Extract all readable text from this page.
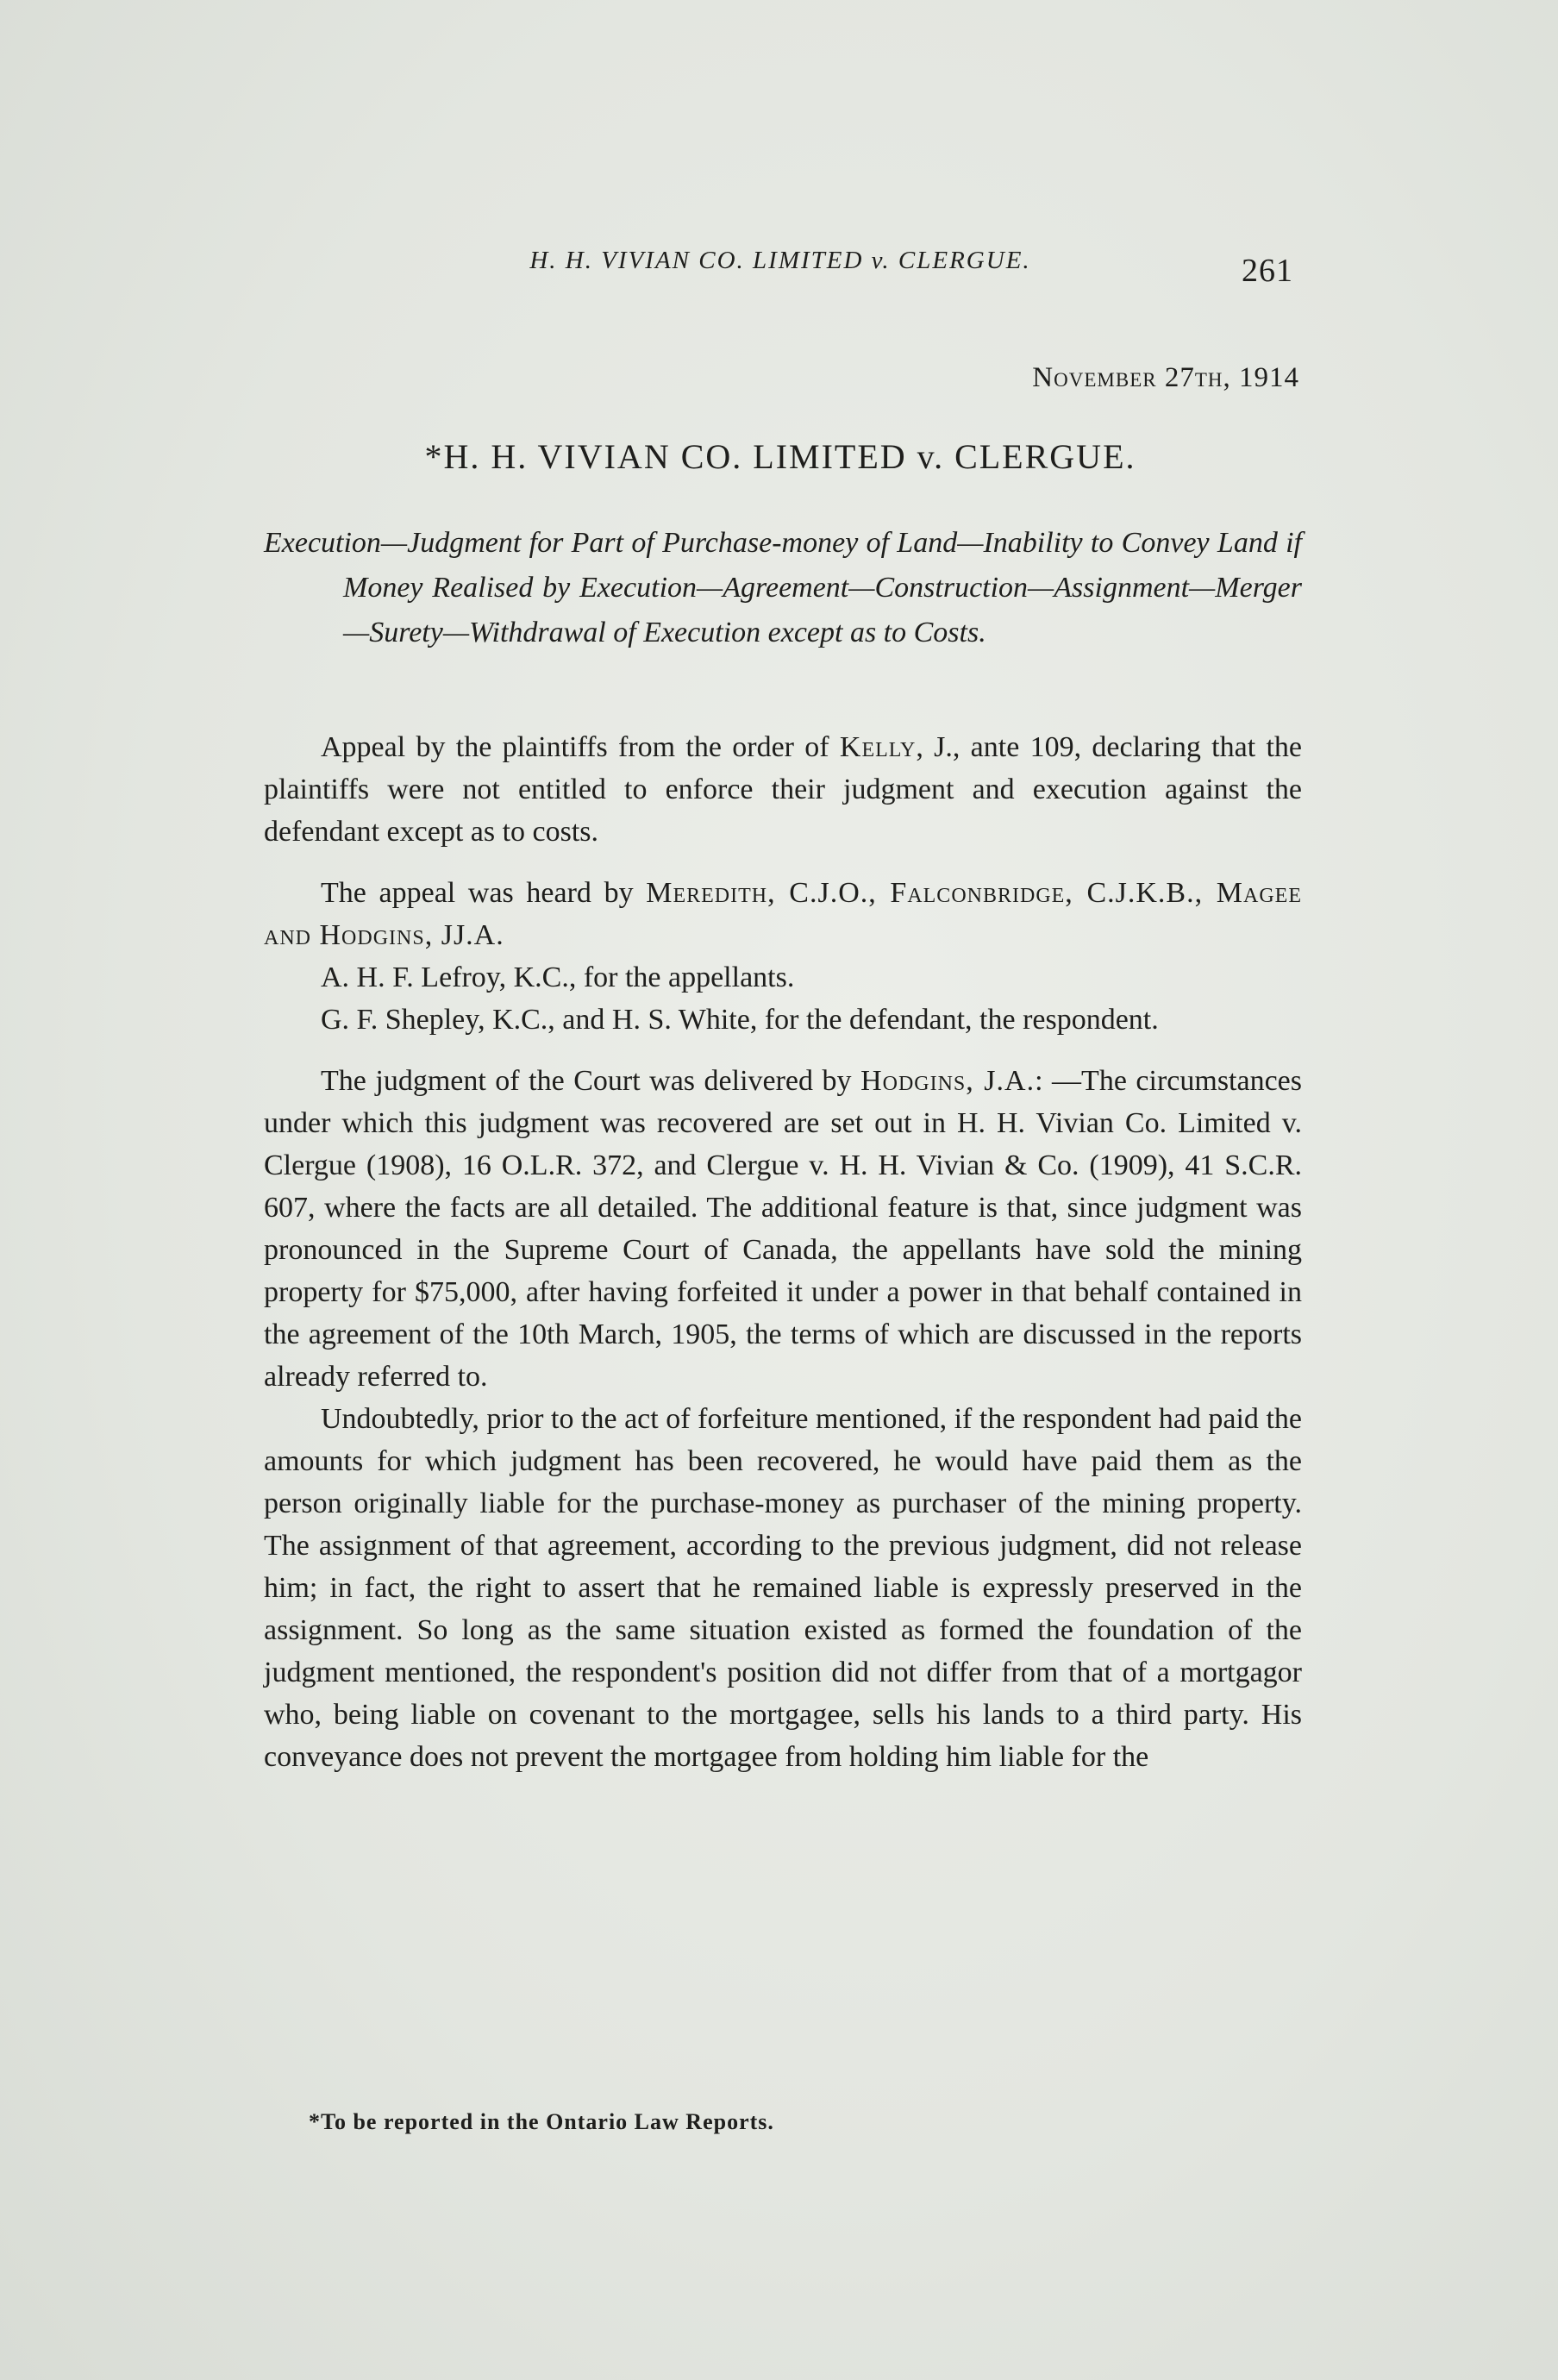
H. H. VIVIAN CO. LIMITED v. CLERGUE.	261
November 27th, 1914
*H. H. VIVIAN CO. LIMITED v. CLERGUE.
Execution—Judgment for Part of Purchase-money of Land—Inability to Convey Land if Money Realised by Execution—Agreement—Construction—Assignment—Merger—Surety—Withdrawal of Execution except as to Costs.

Appeal by the plaintiffs from the order of Kelly, J., ante 109, declaring that the plaintiffs were not entitled to enforce their judgment and execution against the defendant except as to costs.

The appeal was heard by Meredith, C.J.O., Falconbridge, C.J.K.B., Magee and Hodgins, JJ.A.

A. H. F. Lefroy, K.C., for the appellants.

G. F. Shepley, K.C., and H. S. White, for the defendant, the respondent.

The judgment of the Court was delivered by Hodgins, J.A.: —The circumstances under which this judgment was recovered are set out in H. H. Vivian Co. Limited v. Clergue (1908), 16 O.L.R. 372, and Clergue v. H. H. Vivian & Co. (1909), 41 S.C.R. 607, where the facts are all detailed. The additional feature is that, since judgment was pronounced in the Supreme Court of Canada, the appellants have sold the mining property for $75,000, after having forfeited it under a power in that behalf contained in the agreement of the 10th March, 1905, the terms of which are discussed in the reports already referred to.

Undoubtedly, prior to the act of forfeiture mentioned, if the respondent had paid the amounts for which judgment has been recovered, he would have paid them as the person originally liable for the purchase-money as purchaser of the mining property. The assignment of that agreement, according to the previous judgment, did not release him; in fact, the right to assert that he remained liable is expressly preserved in the assignment. So long as the same situation existed as formed the foundation of the judgment mentioned, the respondent's position did not differ from that of a mortgagor who, being liable on covenant to the mortgagee, sells his lands to a third party. His conveyance does not prevent the mortgagee from holding him liable for the

*To be reported in the Ontario Law Reports.
